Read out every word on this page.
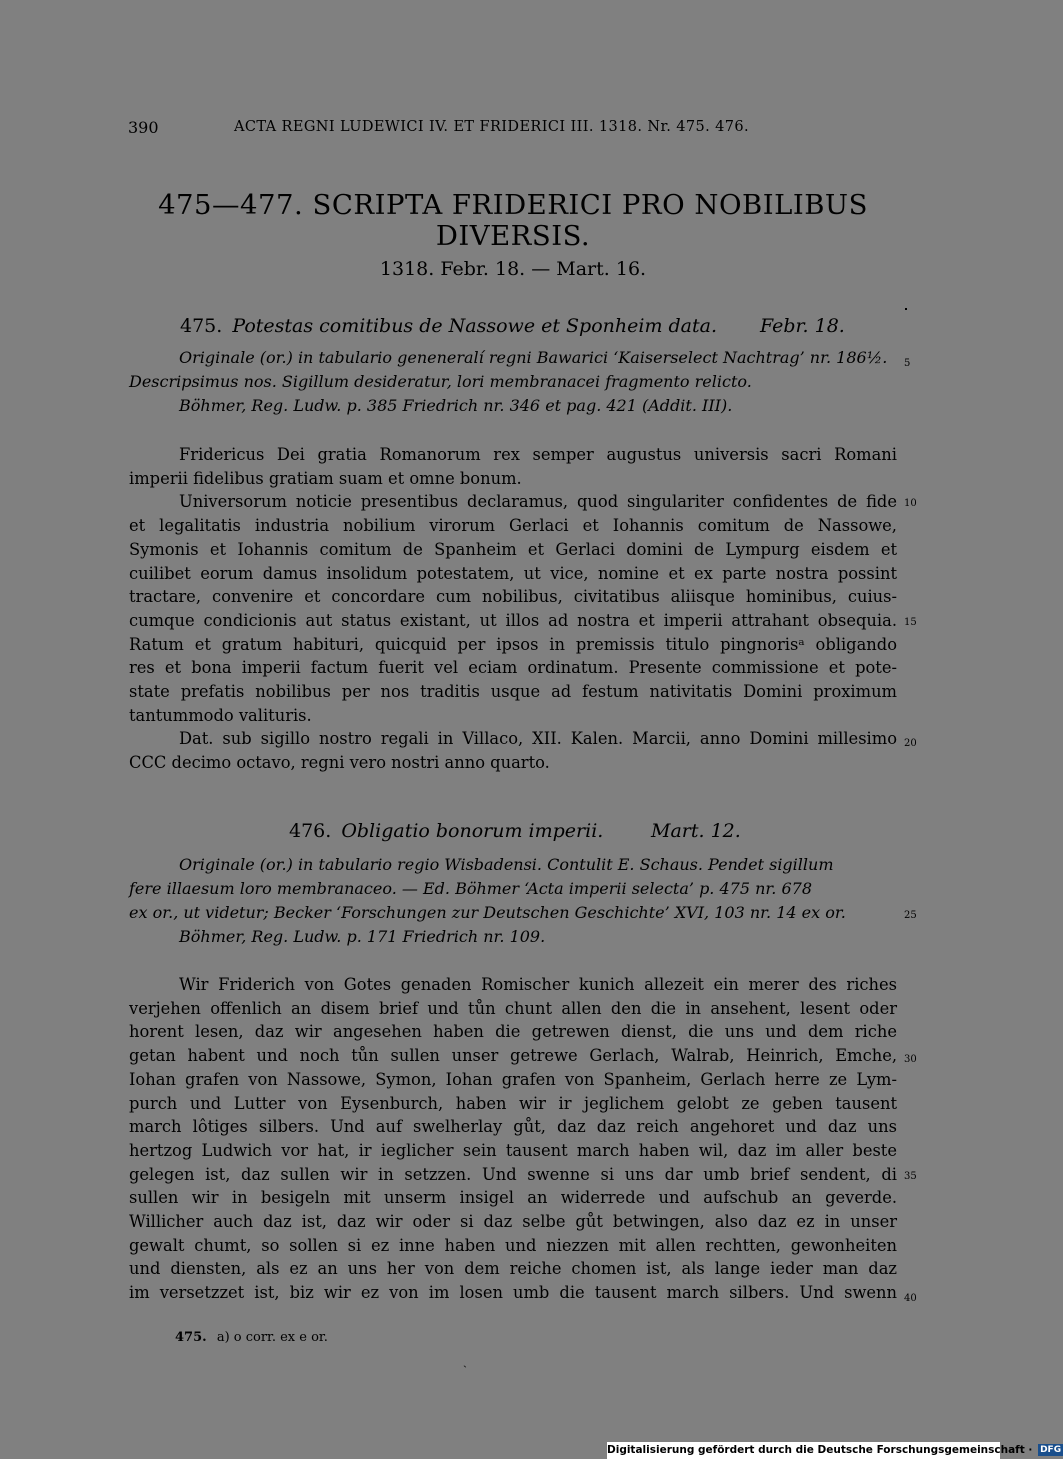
390	ACTA REGNI LUDEWICI IV. ET FRIDERICI III. 1318. Nr. 475. 476.
475—477. SCRIPTA FRIDERICI PRO NOBILIBUS
DIVERSIS.
1318. Febr. 18. — Mart. 16.
475. Potestas comitibus de Nassowe et Sponheim data. Febr. 18.
Originale (or.) in tabulario geneneralí regni Bawarici ‘Kaiserselect Nachtrag’ nr. 186½.
Descripsimus nos. Sigillum desideratur, lori membranacei fragmento relicto.
Böhmer, Reg. Ludw. p. 385 Friedrich nr. 346 et pag. 421 (Addit. III).
Fridericus Dei gratia Romanorum rex semper augustus universis sacri Romani
imperii fidelibus gratiam suam et omne bonum.
Universorum noticie presentibus declaramus, quod singulariter confidentes de fide
et legalitatis industria nobilium virorum Gerlaci et Iohannis comitum de Nassowe,
Symonis et Iohannis comitum de Spanheim et Gerlaci domini de Lympurg eisdem et
cuilibet eorum damus insolidum potestatem, ut vice, nomine et ex parte nostra possint
tractare, convenire et concordare cum nobilibus, civitatibus aliisque hominibus, cuius-
cumque condicionis aut status existant, ut illos ad nostra et imperii attrahant obsequia.
Ratum et gratum habituri, quicquid per ipsos in premissis titulo pingnorisᵃ obligando
res et bona imperii factum fuerit vel eciam ordinatum. Presente commissione et pote-
state prefatis nobilibus per nos traditis usque ad festum nativitatis Domini proximum
tantummodo valituris.
Dat. sub sigillo nostro regali in Villaco, XII. Kalen. Marcii, anno Domini millesimo
CCC decimo octavo, regni vero nostri anno quarto.
476. Obligatio bonorum imperii.	Mart. 12.
Originale (or.) in tabulario regio Wisbadensi. Contulit E. Schaus. Pendet sigillum
fere illaesum loro membranaceo. — Ed. Böhmer ‘Acta imperii selecta’ p. 475 nr. 678
ex or., ut videtur; Becker ‘Forschungen zur Deutschen Geschichte’ XVI, 103 nr. 14 ex or.
Böhmer, Reg. Ludw. p. 171 Friedrich nr. 109.
Wir Friderich von Gotes genaden Romischer kunich allezeit ein merer des riches
verjehen offenlich an disem brief und tůn chunt allen den die in ansehent, lesent oder
horent lesen, daz wir angesehen haben die getrewen dienst, die uns und dem riche
getan habent und noch tůn sullen unser getrewe Gerlach, Walrab, Heinrich, Emche,
Iohan grafen von Nassowe, Symon, Iohan grafen von Spanheim, Gerlach herre ze Lym-
purch und Lutter von Eysenburch, haben wir ir jeglichem gelobt ze geben tausent
march lôtiges silbers. Und auf swelherlay gůt, daz daz reich angehoret und daz uns
hertzog Ludwich vor hat, ir ieglicher sein tausent march haben wil, daz im aller beste
gelegen ist, daz sullen wir in setzzen. Und swenne si uns dar umb brief sendent, di
sullen wir in besigeln mit unserm insigel an widerrede und aufschub an geverde.
Willicher auch daz ist, daz wir oder si daz selbe gůt betwingen, also daz ez in unser
gewalt chumt, so sollen si ez inne haben und niezzen mit allen rechtten, gewonheiten
und diensten, als ez an uns her von dem reiche chomen ist, als lange ieder man daz
im versetzzet ist, biz wir ez von im losen umb die tausent march silbers. Und swenn
5
10
15
20
25
30
35
40
475. a) o corr. ex e or.
ˎ
Digitalisierung gefördert durch die Deutsche Forschungsgemeinschaft · DFG
